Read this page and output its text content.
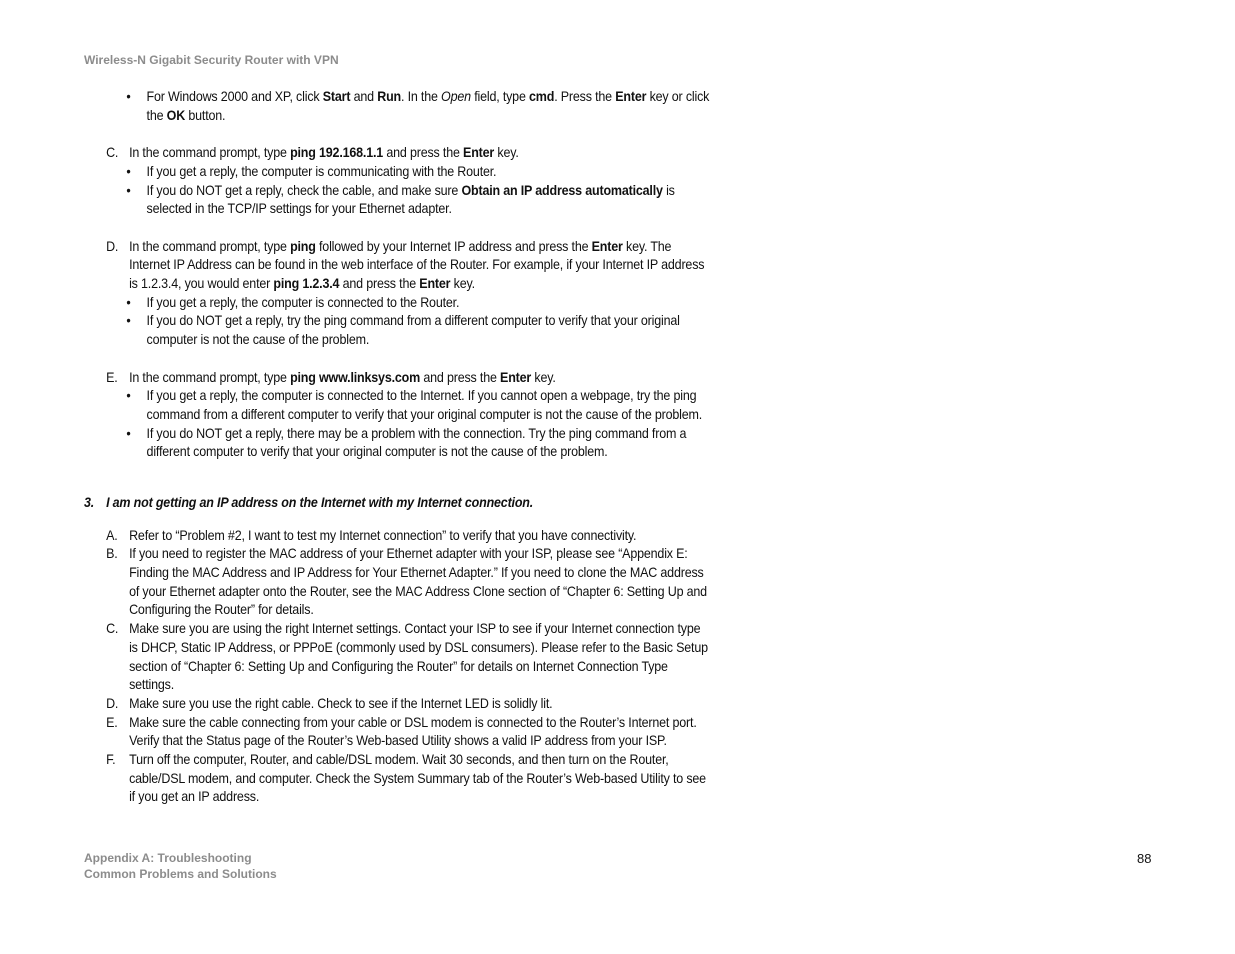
Wireless-N Gigabit Security Router with VPN

• For Windows 2000 and XP, click Start and Run. In the Open field, type cmd. Press the Enter key or click the OK button.

C. In the command prompt, type ping 192.168.1.1 and press the Enter key.

• If you get a reply, the computer is communicating with the Router.

• If you do NOT get a reply, check the cable, and make sure Obtain an IP address automatically is selected in the TCP/IP settings for your Ethernet adapter.

D. In the command prompt, type ping followed by your Internet IP address and press the Enter key. The Internet IP Address can be found in the web interface of the Router. For example, if your Internet IP address is 1.2.3.4, you would enter ping 1.2.3.4 and press the Enter key.

• If you get a reply, the computer is connected to the Router.

• If you do NOT get a reply, try the ping command from a different computer to verify that your original computer is not the cause of the problem.

E. In the command prompt, type ping www.linksys.com and press the Enter key.

• If you get a reply, the computer is connected to the Internet. If you cannot open a webpage, try the ping command from a different computer to verify that your original computer is not the cause of the problem.

• If you do NOT get a reply, there may be a problem with the connection. Try the ping command from a different computer to verify that your original computer is not the cause of the problem.

3. I am not getting an IP address on the Internet with my Internet connection.

A. Refer to “Problem #2, I want to test my Internet connection” to verify that you have connectivity.

B. If you need to register the MAC address of your Ethernet adapter with your ISP, please see “Appendix E: Finding the MAC Address and IP Address for Your Ethernet Adapter.” If you need to clone the MAC address of your Ethernet adapter onto the Router, see the MAC Address Clone section of “Chapter 6: Setting Up and Configuring the Router” for details.

C. Make sure you are using the right Internet settings. Contact your ISP to see if your Internet connection type is DHCP, Static IP Address, or PPPoE (commonly used by DSL consumers). Please refer to the Basic Setup section of “Chapter 6: Setting Up and Configuring the Router” for details on Internet Connection Type settings.

D. Make sure you use the right cable. Check to see if the Internet LED is solidly lit.

E. Make sure the cable connecting from your cable or DSL modem is connected to the Router’s Internet port. Verify that the Status page of the Router’s Web-based Utility shows a valid IP address from your ISP.

F. Turn off the computer, Router, and cable/DSL modem. Wait 30 seconds, and then turn on the Router, cable/DSL modem, and computer. Check the System Summary tab of the Router’s Web-based Utility to see if you get an IP address.

Appendix A: Troubleshooting
Common Problems and Solutions
88
